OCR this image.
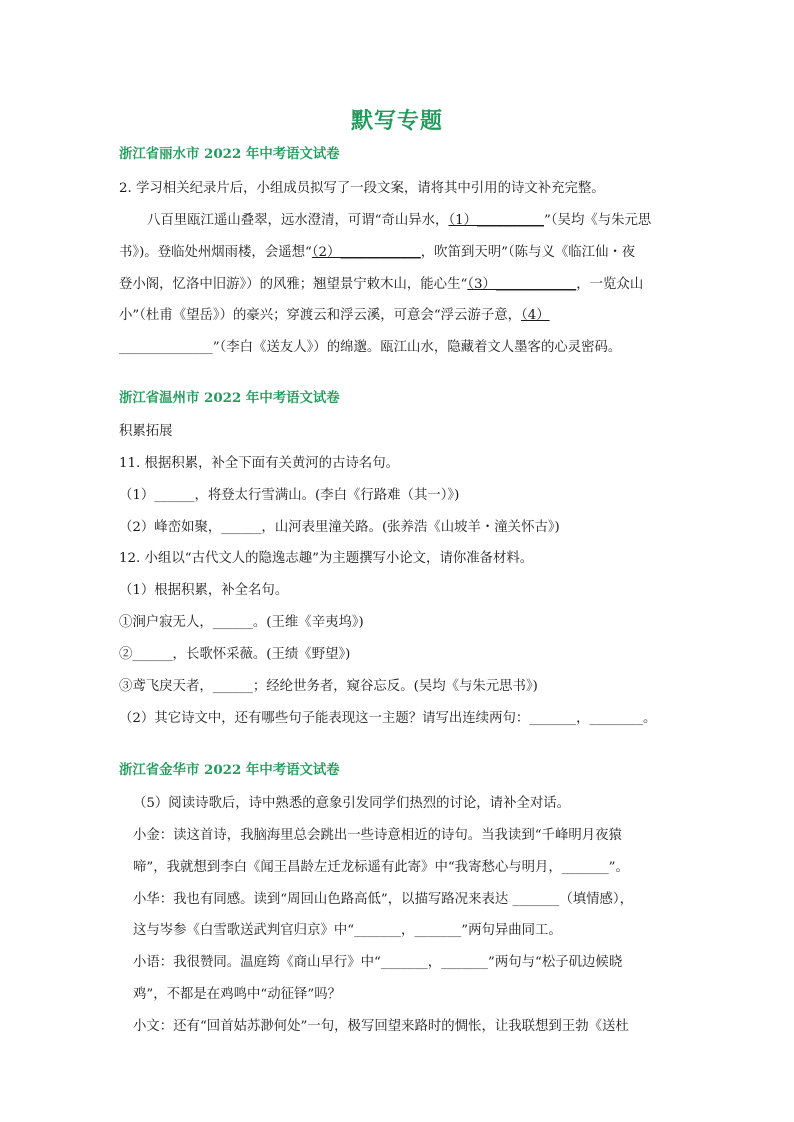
默写专题
浙江省丽水市 2022 年中考语文试卷
2. 学习相关纪录片后，小组成员拟写了一段文案，请将其中引用的诗文补充完整。
八百里瓯江遥山叠翠，远水澄清，可谓“奇山异水，（1）__________”（吴均《与朱元思
书》)。登临处州烟雨楼，会遥想“（2）____________，吹笛到天明”（陈与义《临江仙・夜
登小阁，忆洛中旧游》）的风雅；翘望景宁敕木山，能心生“（3）____________，一览众山
小”（杜甫《望岳》）的豪兴；穿渡云和浮云溪，可意会“浮云游子意，（4）
______________”（李白《送友人》）的绵邈。瓯江山水，隐藏着文人墨客的心灵密码。
浙江省温州市 2022 年中考语文试卷
积累拓展
11. 根据积累，补全下面有关黄河的古诗名句。
（1）______，将登太行雪满山。(李白《行路难（其一）》)
（2）峰峦如聚，______，山河表里潼关路。(张养浩《山坡羊・潼关怀古》)
12. 小组以“古代文人的隐逸志趣”为主题撰写小论文，请你准备材料。
（1）根据积累，补全名句。
①涧户寂无人，______。(王维《辛夷坞》)
②______，长歌怀采薇。(王绩《野望》)
③鸢飞戾天者，______；经纶世务者，窥谷忘反。(吴均《与朱元思书》)
（2）其它诗文中，还有哪些句子能表现这一主题？请写出连续两句：_______，________。
浙江省金华市 2022 年中考语文试卷
（5）阅读诗歌后，诗中熟悉的意象引发同学们热烈的讨论，请补全对话。
小金：读这首诗，我脑海里总会跳出一些诗意相近的诗句。当我读到“千峰明月夜猿
啼”，我就想到李白《闻王昌龄左迁龙标遥有此寄》中“我寄愁心与明月，_______”。
小华：我也有同感。读到“周回山色路高低”，以描写路况来表达 _______（填情感），
这与岑参《白雪歌送武判官归京》中“_______，_______”两句异曲同工。
小语：我很赞同。温庭筠《商山早行》中“_______，_______”两句与“松子矶边候晓
鸡”，不都是在鸡鸣中“动征铎”吗？
小文：还有“回首姑苏渺何处”一句，极写回望来路时的惆怅，让我联想到王勃《送杜
